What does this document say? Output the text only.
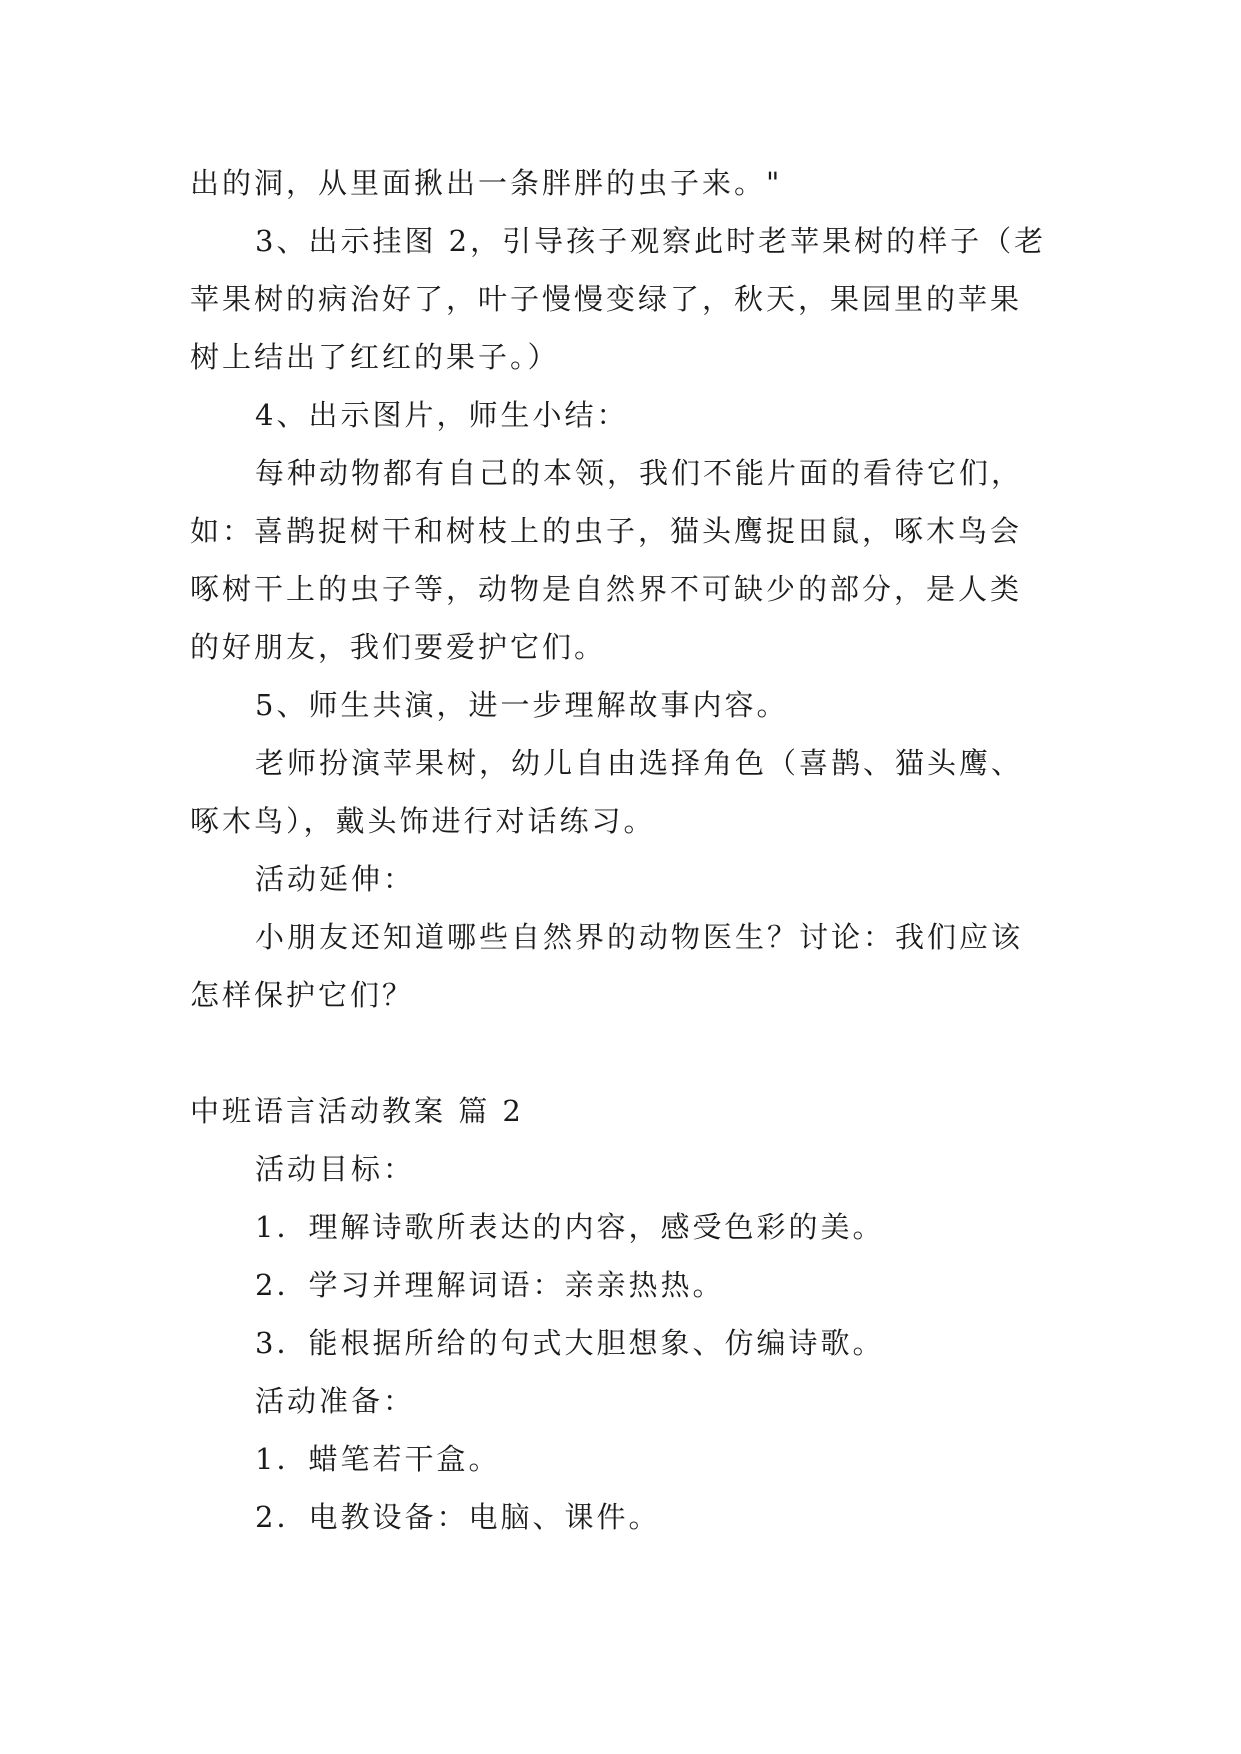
出的洞，从里面揪出一条胖胖的虫子来。"
3、出示挂图 2，引导孩子观察此时老苹果树的样子（老
苹果树的病治好了，叶子慢慢变绿了，秋天，果园里的苹果
树上结出了红红的果子。）
4、出示图片，师生小结：
每种动物都有自己的本领，我们不能片面的看待它们，
如：喜鹊捉树干和树枝上的虫子，猫头鹰捉田鼠，啄木鸟会
啄树干上的虫子等，动物是自然界不可缺少的部分，是人类
的好朋友，我们要爱护它们。
5、师生共演，进一步理解故事内容。
老师扮演苹果树，幼儿自由选择角色（喜鹊、猫头鹰、
啄木鸟），戴头饰进行对话练习。
活动延伸：
小朋友还知道哪些自然界的动物医生？讨论：我们应该
怎样保护它们？
中班语言活动教案 篇 2
活动目标：
1．理解诗歌所表达的内容，感受色彩的美。
2．学习并理解词语：亲亲热热。
3．能根据所给的句式大胆想象、仿编诗歌。
活动准备：
1．蜡笔若干盒。
2．电教设备：电脑、课件。
